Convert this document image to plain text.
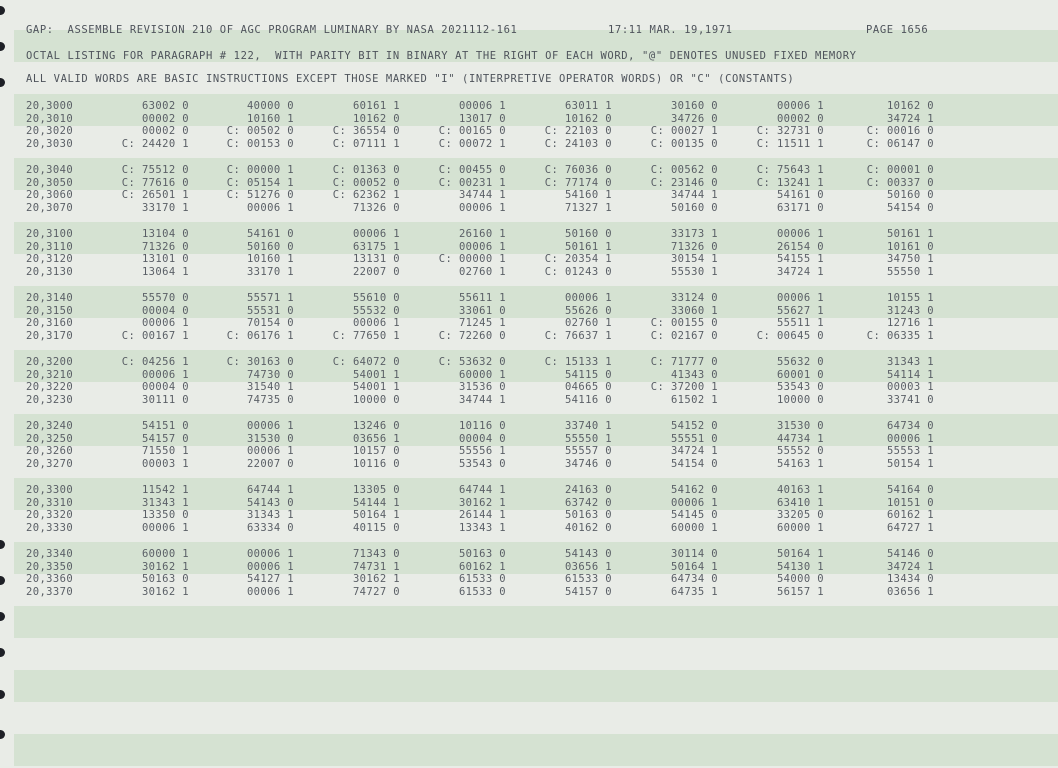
GAP:  ASSEMBLE REVISION 210 OF AGC PROGRAM LUMINARY BY NASA 2021112-161	17:11 MAR. 19,1971	PAGE 1656
OCTAL LISTING FOR PARAGRAPH # 122,  WITH PARITY BIT IN BINARY AT THE RIGHT OF EACH WORD, "@" DENOTES UNUSED FIXED MEMORY
ALL VALID WORDS ARE BASIC INSTRUCTIONS EXCEPT THOSE MARKED "I" (INTERPRETIVE OPERATOR WORDS) OR "C" (CONSTANTS)
20,3000	63002 0	40000 0	60161 1	00006 1	63011 1	30160 0	00006 1	10162 0
20,3010	00002 0	10160 1	10162 0	13017 0	10162 0	34726 0	00002 0	34724 1
20,3020	00002 0	C: 00502 0	C: 36554 0	C: 00165 0	C: 22103 0	C: 00027 1	C: 32731 0	C: 00016 0
20,3030	C: 24420 1	C: 00153 0	C: 07111 1	C: 00072 1	C: 24103 0	C: 00135 0	C: 11511 1	C: 06147 0
20,3040	C: 75512 0	C: 00000 1	C: 01363 0	C: 00455 0	C: 76036 0	C: 00562 0	C: 75643 1	C: 00001 0
20,3050	C: 77616 0	C: 05154 1	C: 00052 0	C: 00231 1	C: 77174 0	C: 23146 0	C: 13241 1	C: 00337 0
20,3060	C: 26501 1	C: 51276 0	C: 62362 1	34744 1	54160 1	34744 1	54161 0	50160 0
20,3070	33170 1	00006 1	71326 0	00006 1	71327 1	50160 0	63171 0	54154 0
20,3100	13104 0	54161 0	00006 1	26160 1	50160 0	33173 1	00006 1	50161 1
20,3110	71326 0	50160 0	63175 1	00006 1	50161 1	71326 0	26154 0	10161 0
20,3120	13101 0	10160 1	13131 0	C: 00000 1	C: 20354 1	30154 1	54155 1	34750 1
20,3130	13064 1	33170 1	22007 0	02760 1	C: 01243 0	55530 1	34724 1	55550 1
20,3140	55570 0	55571 1	55610 0	55611 1	00006 1	33124 0	00006 1	10155 1
20,3150	00004 0	55531 0	55532 0	33061 0	55626 0	33060 1	55627 1	31243 0
20,3160	00006 1	70154 0	00006 1	71245 1	02760 1	C: 00155 0	55511 1	12716 1
20,3170	C: 00167 1	C: 06176 1	C: 77650 1	C: 72260 0	C: 76637 1	C: 02167 0	C: 00645 0	C: 06335 1
20,3200	C: 04256 1	C: 30163 0	C: 64072 0	C: 53632 0	C: 15133 1	C: 71777 0	55632 0	31343 1
20,3210	00006 1	74730 0	54001 1	60000 1	54115 0	41343 0	60001 0	54114 1
20,3220	00004 0	31540 1	54001 1	31536 0	04665 0	C: 37200 1	53543 0	00003 1
20,3230	30111 0	74735 0	10000 0	34744 1	54116 0	61502 1	10000 0	33741 0
20,3240	54151 0	00006 1	13246 0	10116 0	33740 1	54152 0	31530 0	64734 0
20,3250	54157 0	31530 0	03656 1	00004 0	55550 1	55551 0	44734 1	00006 1
20,3260	71550 1	00006 1	10157 0	55556 1	55557 0	34724 1	55552 0	55553 1
20,3270	00003 1	22007 0	10116 0	53543 0	34746 0	54154 0	54163 1	50154 1
20,3300	11542 1	64744 1	13305 0	64744 1	24163 0	54162 0	40163 1	54164 0
20,3310	31343 1	54143 0	54144 1	30162 1	63742 0	00006 1	63410 1	10151 0
20,3320	13350 0	31343 1	50164 1	26144 1	50163 0	54145 0	33205 0	60162 1
20,3330	00006 1	63334 0	40115 0	13343 1	40162 0	60000 1	60000 1	64727 1
20,3340	60000 1	00006 1	71343 0	50163 0	54143 0	30114 0	50164 1	54146 0
20,3350	30162 1	00006 1	74731 1	60162 1	03656 1	50164 1	54130 1	34724 1
20,3360	50163 0	54127 1	30162 1	61533 0	61533 0	64734 0	54000 0	13434 0
20,3370	30162 1	00006 1	74727 0	61533 0	54157 0	64735 1	56157 1	03656 1
